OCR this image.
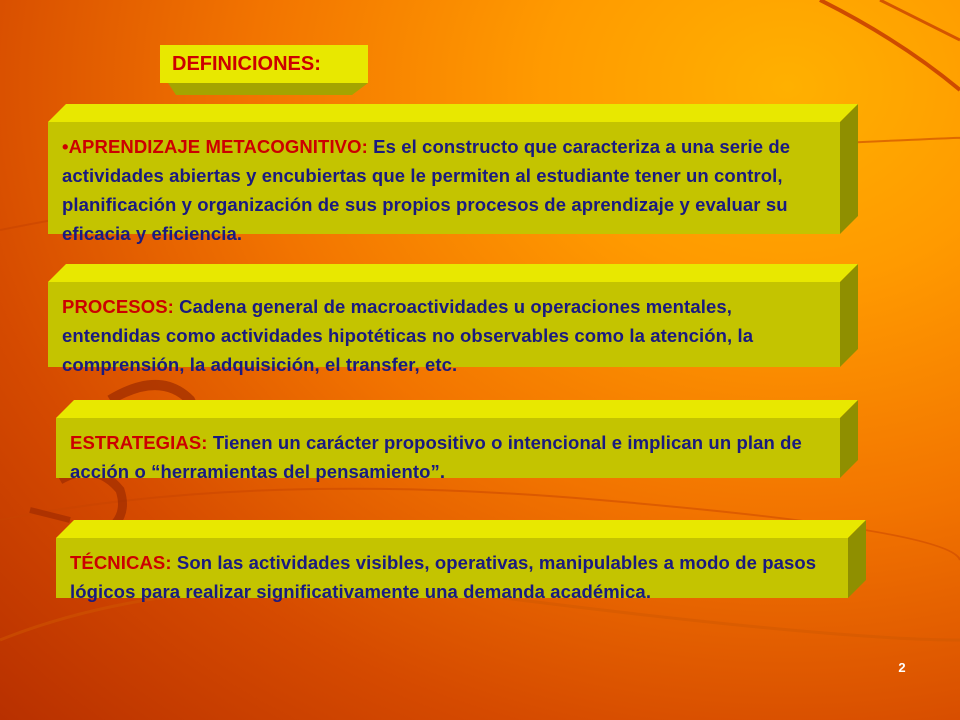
DEFINICIONES:
•APRENDIZAJE METACOGNITIVO: Es el constructo que caracteriza a una serie de actividades abiertas y encubiertas que le permiten al estudiante tener un control, planificación y organización de sus propios procesos de aprendizaje y evaluar su eficacia y eficiencia.
PROCESOS: Cadena general de macroactividades u operaciones mentales, entendidas como actividades hipotéticas no observables como la atención, la comprensión, la adquisición, el transfer, etc.
ESTRATEGIAS: Tienen un carácter propositivo o intencional e implican un plan de acción o “herramientas del pensamiento”.
TÉCNICAS: Son las actividades visibles, operativas, manipulables a modo de pasos lógicos para realizar significativamente una demanda académica.
2
